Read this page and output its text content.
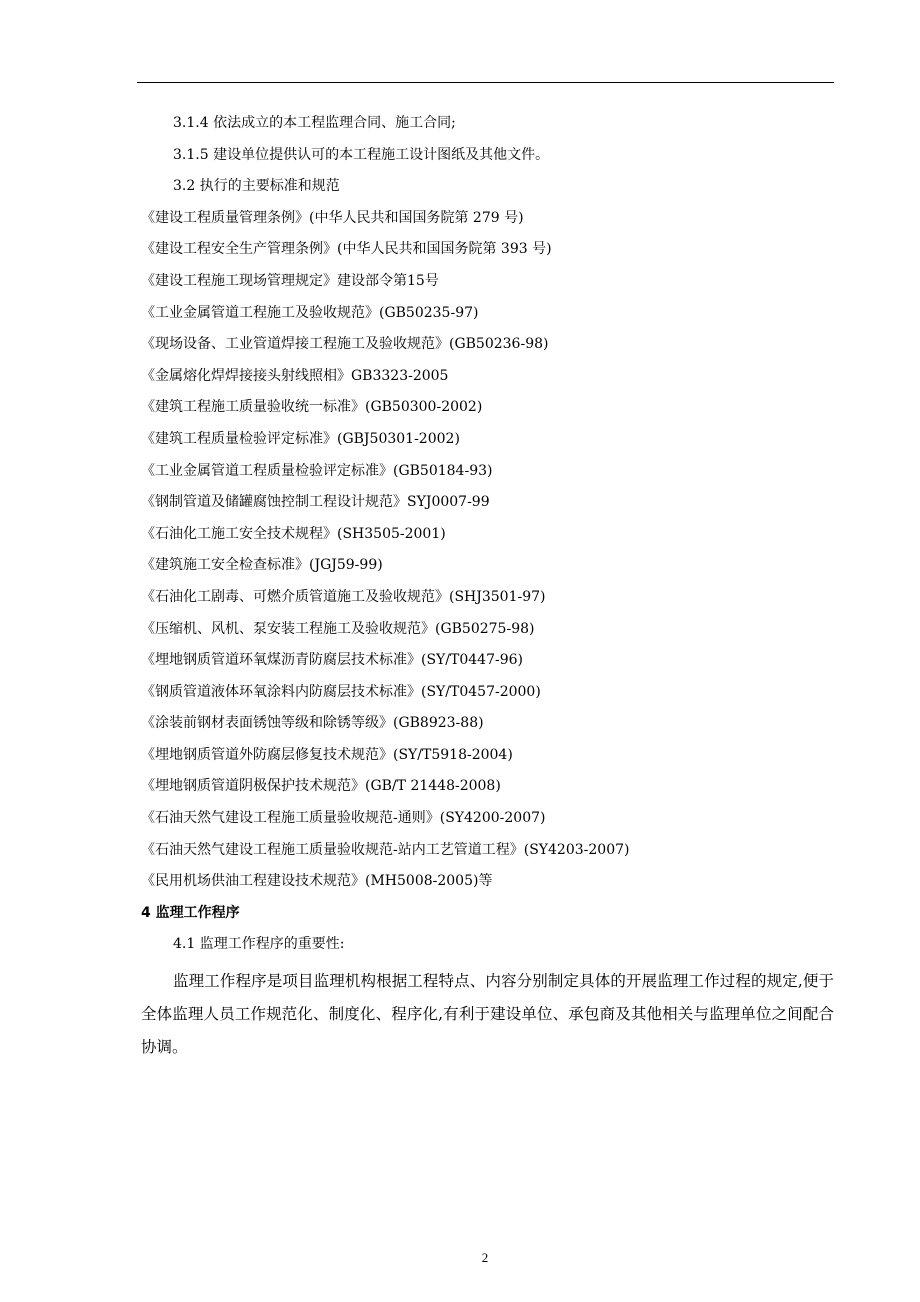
3.1.4 依法成立的本工程监理合同、施工合同;
3.1.5 建设单位提供认可的本工程施工设计图纸及其他文件。
3.2 执行的主要标准和规范
《建设工程质量管理条例》(中华人民共和国国务院第 279 号)
《建设工程安全生产管理条例》(中华人民共和国国务院第 393 号)
《建设工程施工现场管理规定》建设部令第15号
《工业金属管道工程施工及验收规范》(GB50235-97)
《现场设备、工业管道焊接工程施工及验收规范》(GB50236-98)
《金属熔化焊焊接接头射线照相》GB3323-2005
《建筑工程施工质量验收统一标准》(GB50300-2002)
《建筑工程质量检验评定标准》(GBJ50301-2002)
《工业金属管道工程质量检验评定标准》(GB50184-93)
《钢制管道及储罐腐蚀控制工程设计规范》SYJ0007-99
《石油化工施工安全技术规程》(SH3505-2001)
《建筑施工安全检查标准》(JGJ59-99)
《石油化工剧毒、可燃介质管道施工及验收规范》(SHJ3501-97)
《压缩机、风机、泵安装工程施工及验收规范》(GB50275-98)
《埋地钢质管道环氧煤沥青防腐层技术标准》(SY/T0447-96)
《钢质管道液体环氧涂料内防腐层技术标准》(SY/T0457-2000)
《涂装前钢材表面锈蚀等级和除锈等级》(GB8923-88)
《埋地钢质管道外防腐层修复技术规范》(SY/T5918-2004)
《埋地钢质管道阴极保护技术规范》(GB/T 21448-2008)
《石油天然气建设工程施工质量验收规范-通则》(SY4200-2007)
《石油天然气建设工程施工质量验收规范-站内工艺管道工程》(SY4203-2007)
《民用机场供油工程建设技术规范》(MH5008-2005)等
4 监理工作程序
4.1 监理工作程序的重要性:
监理工作程序是项目监理机构根据工程特点、内容分别制定具体的开展监理工作过程的规定,便于全体监理人员工作规范化、制度化、程序化,有利于建设单位、承包商及其他相关与监理单位之间配合协调。
2
